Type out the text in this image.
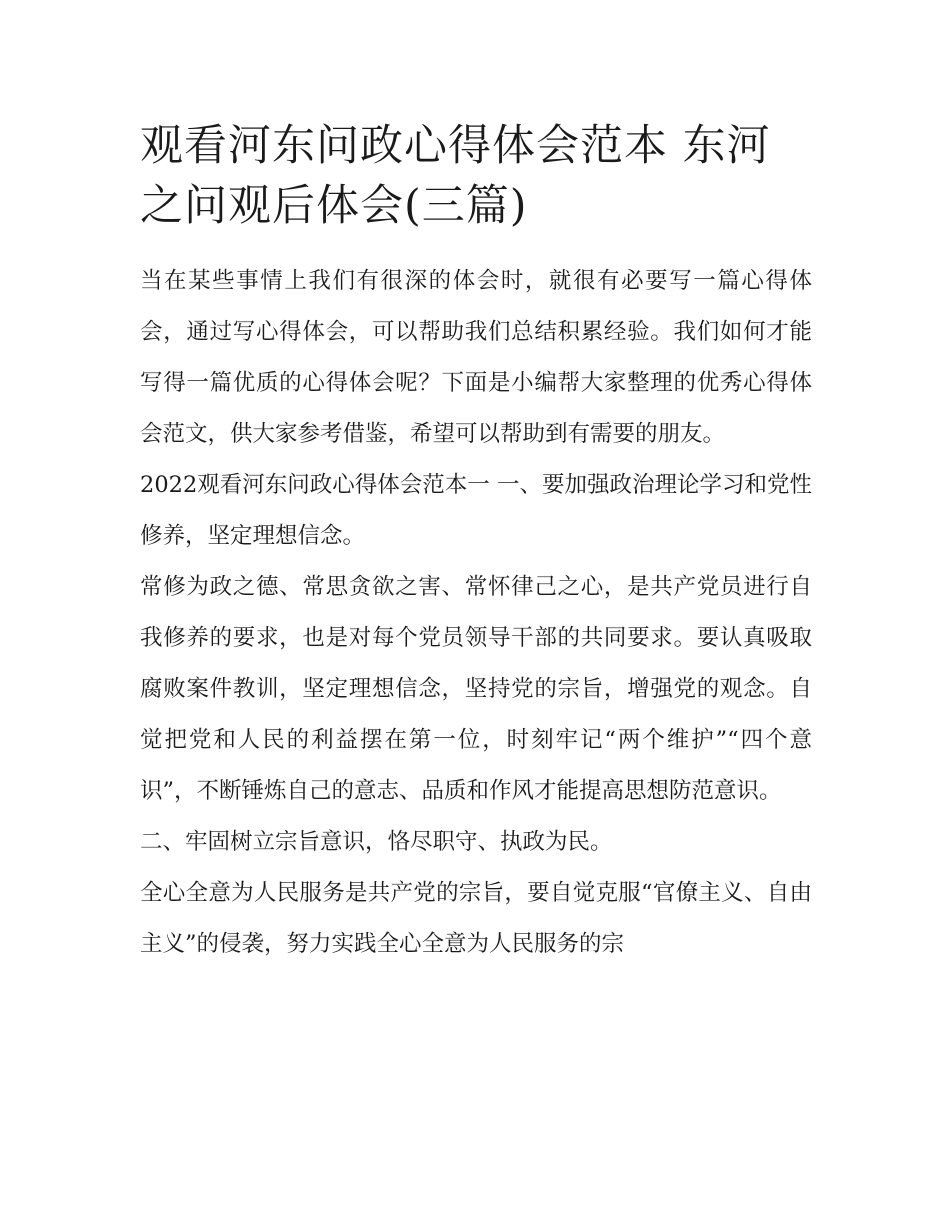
观看河东问政心得体会范本 东河之问观后体会(三篇)

当在某些事情上我们有很深的体会时，就很有必要写一篇心得体会，通过写心得体会，可以帮助我们总结积累经验。我们如何才能写得一篇优质的心得体会呢？下面是小编帮大家整理的优秀心得体会范文，供大家参考借鉴，希望可以帮助到有需要的朋友。

2022观看河东问政心得体会范本一 一、要加强政治理论学习和党性修养，坚定理想信念。

常修为政之德、常思贪欲之害、常怀律己之心，是共产党员进行自我修养的要求，也是对每个党员领导干部的共同要求。要认真吸取腐败案件教训，坚定理想信念，坚持党的宗旨，增强党的观念。自觉把党和人民的利益摆在第一位，时刻牢记“两个维护”“四个意识”，不断锤炼自己的意志、品质和作风才能提高思想防范意识。

二、牢固树立宗旨意识，恪尽职守、执政为民。

全心全意为人民服务是共产党的宗旨，要自觉克服“官僚主义、自由主义”的侵袭，努力实践全心全意为人民服务的宗
